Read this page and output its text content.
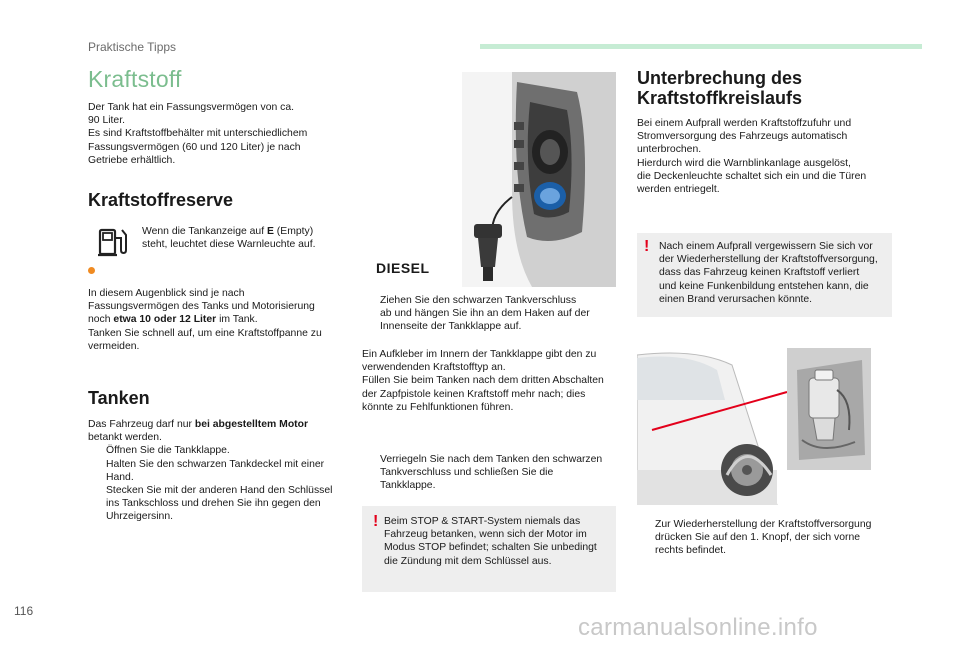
Praktische Tipps
Kraftstoff
Der Tank hat ein Fassungsvermögen von ca.
90 Liter.
Es sind Kraftstoffbehälter mit unterschiedlichem
Fassungsvermögen (60 und 120 Liter) je nach
Getriebe erhältlich.
Kraftstoffreserve
Wenn die Tankanzeige auf E (Empty)
steht, leuchtet diese Warnleuchte auf.
In diesem Augenblick sind je nach
Fassungsvermögen des Tanks und Motorisierung
noch etwa 10 oder 12 Liter im Tank.
Tanken Sie schnell auf, um eine Kraftstoffpanne zu
vermeiden.
Tanken
Das Fahrzeug darf nur bei abgestelltem Motor
betankt werden.
Öffnen Sie die Tankklappe.
Halten Sie den schwarzen Tankdeckel mit einer
Hand.
Stecken Sie mit der anderen Hand den Schlüssel
ins Tankschloss und drehen Sie ihn gegen den
Uhrzeigersinn.
DIESEL
Ziehen Sie den schwarzen Tankverschluss
ab und hängen Sie ihn an dem Haken auf der
Innenseite der Tankklappe auf.
Ein Aufkleber im Innern der Tankklappe gibt den zu
verwendenden Kraftstofftyp an.
Füllen Sie beim Tanken nach dem dritten Abschalten
der Zapfpistole keinen Kraftstoff mehr nach; dies
könnte zu Fehlfunktionen führen.
Verriegeln Sie nach dem Tanken den schwarzen
Tankverschluss und schließen Sie die
Tankklappe.
! Beim STOP & START-System niemals das
Fahrzeug betanken, wenn sich der Motor im
Modus STOP befindet; schalten Sie unbedingt
die Zündung mit dem Schlüssel aus.
Unterbrechung des
Kraftstoffkreislaufs
Bei einem Aufprall werden Kraftstoffzufuhr und
Stromversorgung des Fahrzeugs automatisch
unterbrochen.
Hierdurch wird die Warnblinkanlage ausgelöst,
die Deckenleuchte schaltet sich ein und die Türen
werden entriegelt.
! Nach einem Aufprall vergewissern Sie sich vor
der Wiederherstellung der Kraftstoffversorgung,
dass das Fahrzeug keinen Kraftstoff verliert
und keine Funkenbildung entstehen kann, die
einen Brand verursachen könnte.
Zur Wiederherstellung der Kraftstoffversorgung
drücken Sie auf den 1. Knopf, der sich vorne
rechts befindet.
116
carmanualsonline.info
